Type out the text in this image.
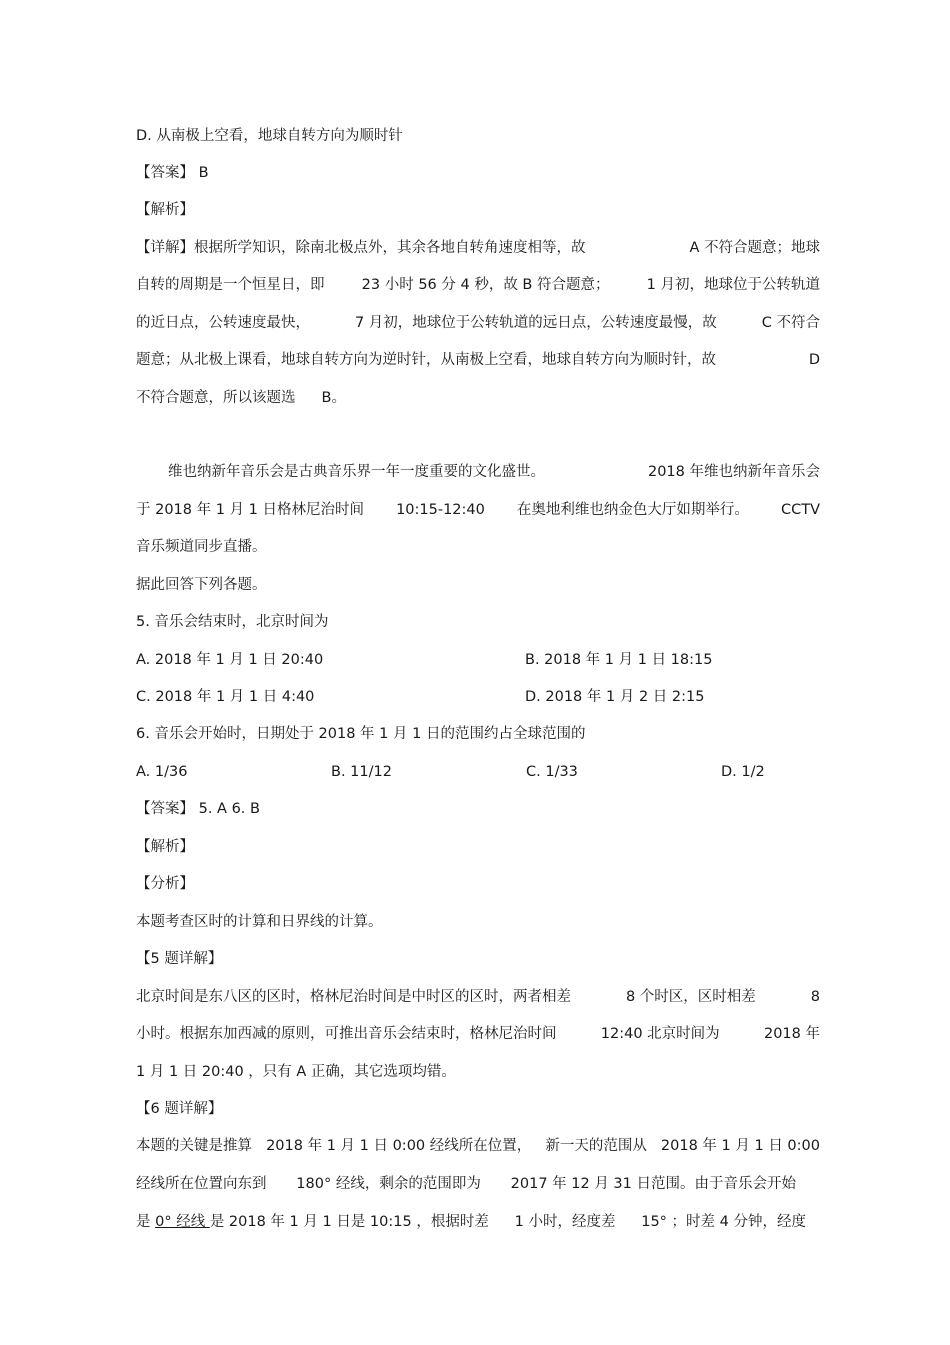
D. 从南极上空看，地球自转方向为顺时针
【答案】 B
【解析】
【详解】根据所学知识，除南北极点外，其余各地自转角速度相等，故	A 不符合题意；地球
自转的周期是一个恒星日，即	23 小时 56 分 4 秒，故 B 符合题意；	1 月初，地球位于公转轨道
的近日点，公转速度最快，	7 月初，地球位于公转轨道的远日点，公转速度最慢，故	C 不符合
题意；从北极上课看，地球自转方向为逆时针，从南极上空看，地球自转方向为顺时针，故	D
不符合题意，所以该题选 B。
维也纳新年音乐会是古典音乐界一年一度重要的文化盛世。	2018 年维也纳新年音乐会
于 2018 年 1 月 1 日格林尼治时间 10:15-12:40 在奥地利维也纳金色大厅如期举行。 CCTV
音乐频道同步直播。
据此回答下列各题。
5. 音乐会结束时，北京时间为
A. 2018 年 1 月 1 日 20:40	B. 2018 年 1 月 1 日 18:15
C. 2018 年 1 月 1 日 4:40	D. 2018 年 1 月 2 日 2:15
6. 音乐会开始时，日期处于 2018 年 1 月 1 日的范围约占全球范围的
A. 1/36	B. 11/12	C. 1/33	D. 1/2
【答案】 5. A 6. B
【解析】
【分析】
本题考查区时的计算和日界线的计算。
【5 题详解】
北京时间是东八区的区时，格林尼治时间是中时区的区时，两者相差	8 个时区，区时相差	8
小时。根据东加西减的原则，可推出音乐会结束时，格林尼治时间	12:40 北京时间为	2018 年
1 月 1 日 20:40 ，只有 A 正确，其它选项均错。
【6 题详解】
本题的关键是推算 2018 年 1 月 1 日 0:00 经线所在位置， 新一天的范围从 2018 年 1 月 1 日 0:00
经线所在位置向东到 180° 经线，剩余的范围即为 2017 年 12 月 31 日范围。由于音乐会开始
是 0° 经线 是 2018 年 1 月 1 日是 10:15 ，根据时差 1 小时，经度差 15° ；时差 4 分钟，经度
